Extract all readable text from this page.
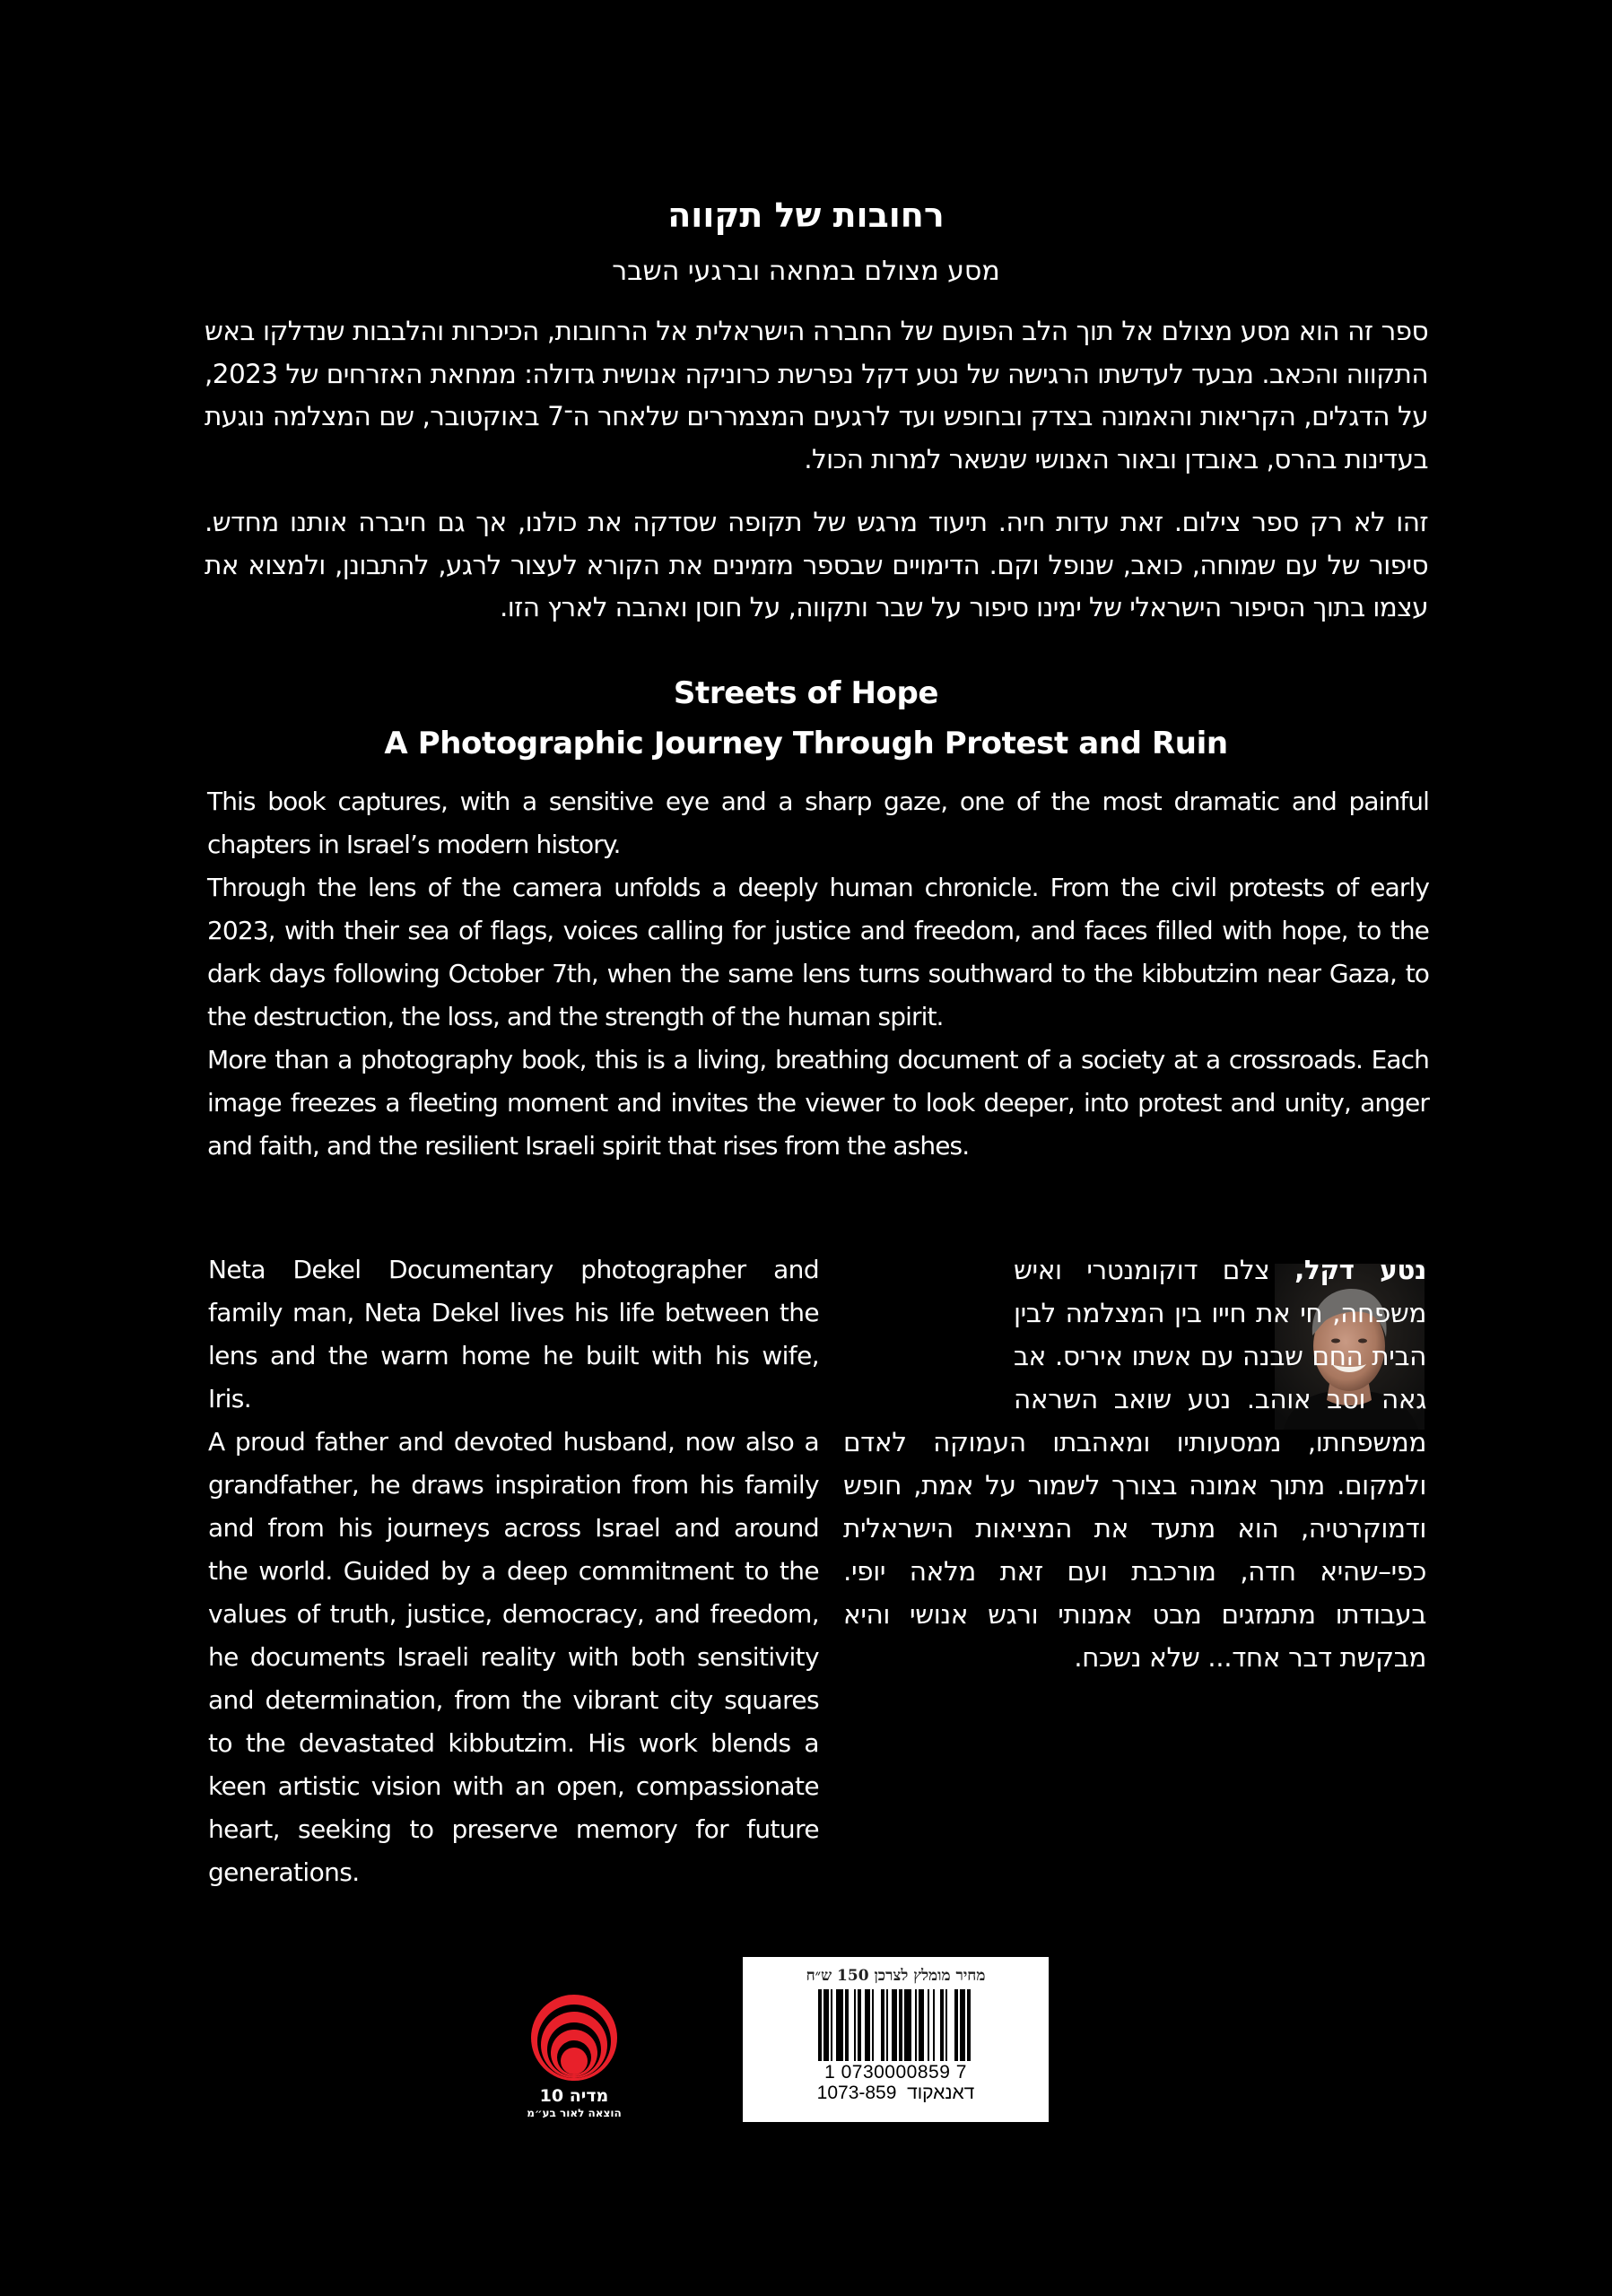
רחובות של תקווה
מסע מצולם במחאה וברגעי השבר
ספר זה הוא מסע מצולם אל תוך הלב הפועם של החברה הישראלית אל הרחובות, הכיכרות והלבבות שנדלקו באש התקווה והכאב. מבעד לעדשתו הרגישה של נטע דקל נפרשת כרוניקה אנושית גדולה: ממחאת האזרחים של 2023, על הדגלים, הקריאות והאמונה בצדק ובחופש ועד לרגעים המצמררים שלאחר ה־7 באוקטובר, שם המצלמה נוגעת בעדינות בהרס, באובדן ובאור האנושי שנשאר למרות הכול.
זהו לא רק ספר צילום. זאת עדות חיה. תיעוד מרגש של תקופה שסדקה את כולנו, אך גם חיברה אותנו מחדש. סיפור של עם שמוחה, כואב, שנופל וקם. הדימויים שבספר מזמינים את הקורא לעצור לרגע, להתבונן, ולמצוא את עצמו בתוך הסיפור הישראלי של ימינו סיפור על שבר ותקווה, על חוסן ואהבה לארץ הזו.
Streets of Hope
A Photographic Journey Through Protest and Ruin

This book captures, with a sensitive eye and a sharp gaze, one of the most dramatic and painful chapters in Israel’s modern history.

Through the lens of the camera unfolds a deeply human chronicle. From the civil protests of early 2023, with their sea of flags, voices calling for justice and freedom, and faces filled with hope, to the dark days following October 7th, when the same lens turns southward to the kibbutzim near Gaza, to the destruction, the loss, and the strength of the human spirit.

More than a photography book, this is a living, breathing document of a society at a crossroads. Each image freezes a fleeting moment and invites the viewer to look deeper, into protest and unity, anger and faith, and the resilient Israeli spirit that rises from the ashes.

Neta Dekel Documentary photographer and family man, Neta Dekel lives his life between the lens and the warm home he built with his wife, Iris.

A proud father and devoted husband, now also a grandfather, he draws inspiration from his family and from his journeys across Israel and around the world. Guided by a deep commitment to the values of truth, justice, democracy, and freedom, he documents Israeli reality with both sensitivity and determination, from the vibrant city squares to the devastated kibbutzim. His work blends a keen artistic vision with an open, compassionate heart, seeking to preserve memory for future generations.

נטע דקל, צלם דוקומנטרי ואיש משפחה, חי את חייו בין המצלמה לבין הבית החם שבנה עם אשתו איריס. אב גאה וסב אוהב. נטע שואב השראה ממשפחתו, ממסעותיו ומאהבתו העמוקה לאדם ולמקום. מתוך אמונה בצורך לשמור על אמת, חופש ודמוקרטיה, הוא מתעד את המציאות הישראלית כפי–שהיא חדה, מורכבת ועם זאת מלאה יופי. בעבודתו מתמזגים מבט אמנותי ורגש אנושי והיא מבקשת דבר אחד... שלא נשכח.
מדיה 10
הוצאה לאור בע״מ
מחיר מומלץ לצרכן 150 ש״ח
1 0730000859 7
דאנאקוד  1073-859
